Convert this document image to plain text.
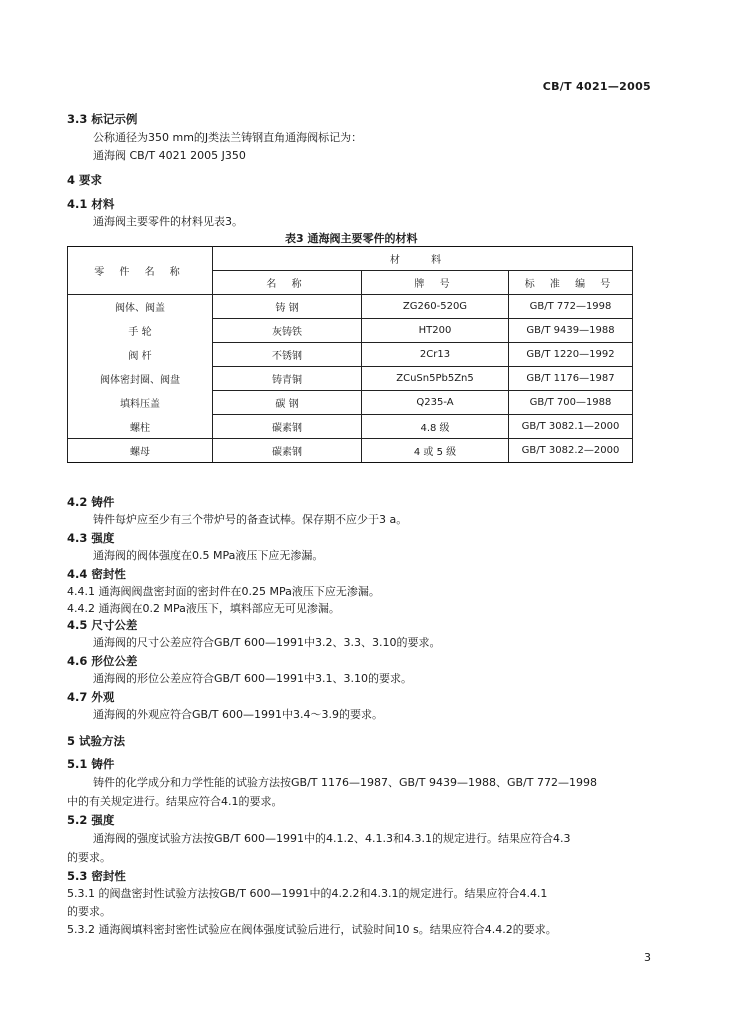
CB/T 4021—2005
3.3 标记示例
公称通径为350 mm的J类法兰铸钢直角通海阀标记为：
通海阀 CB/T 4021 2005 J350
4 要求
4.1 材料
通海阀主要零件的材料见表3。
表3 通海阀主要零件的材料
零 件 名 称	材 料		
	名 称	牌 号	标 准 编 号
阀体、阀盖	铸 钢	ZG260-520G	GB/T 772—1998
手 轮	灰铸铁	HT200	GB/T 9439—1988
阀 杆	不锈钢	2Cr13	GB/T 1220—1992
阀体密封圈、阀盘	铸青铜	ZCuSn5Pb5Zn5	GB/T 1176—1987
填料压盖	碳 钢	Q235-A	GB/T 700—1988
螺柱	碳素钢	4.8 级	GB/T 3082.1—2000
螺母	碳素钢	4 或 5 级	GB/T 3082.2—2000
4.2 铸件
铸件每炉应至少有三个带炉号的备查试棒。保存期不应少于3 a。
4.3 强度
通海阀的阀体强度在0.5 MPa液压下应无渗漏。
4.4 密封性
4.4.1 通海阀阀盘密封面的密封件在0.25 MPa液压下应无渗漏。
4.4.2 通海阀在0.2 MPa液压下，填料部应无可见渗漏。
4.5 尺寸公差
通海阀的尺寸公差应符合GB/T 600—1991中3.2、3.3、3.10的要求。
4.6 形位公差
通海阀的形位公差应符合GB/T 600—1991中3.1、3.10的要求。
4.7 外观
通海阀的外观应符合GB/T 600—1991中3.4～3.9的要求。
5 试验方法
5.1 铸件
铸件的化学成分和力学性能的试验方法按GB/T 1176—1987、GB/T 9439—1988、GB/T 772—1998
中的有关规定进行。结果应符合4.1的要求。
5.2 强度
通海阀的强度试验方法按GB/T 600—1991中的4.1.2、4.1.3和4.3.1的规定进行。结果应符合4.3
的要求。
5.3 密封性
5.3.1 的阀盘密封性试验方法按GB/T 600—1991中的4.2.2和4.3.1的规定进行。结果应符合4.4.1
的要求。
5.3.2 通海阀填料密封密性试验应在阀体强度试验后进行，试验时间10 s。结果应符合4.4.2的要求。
3
